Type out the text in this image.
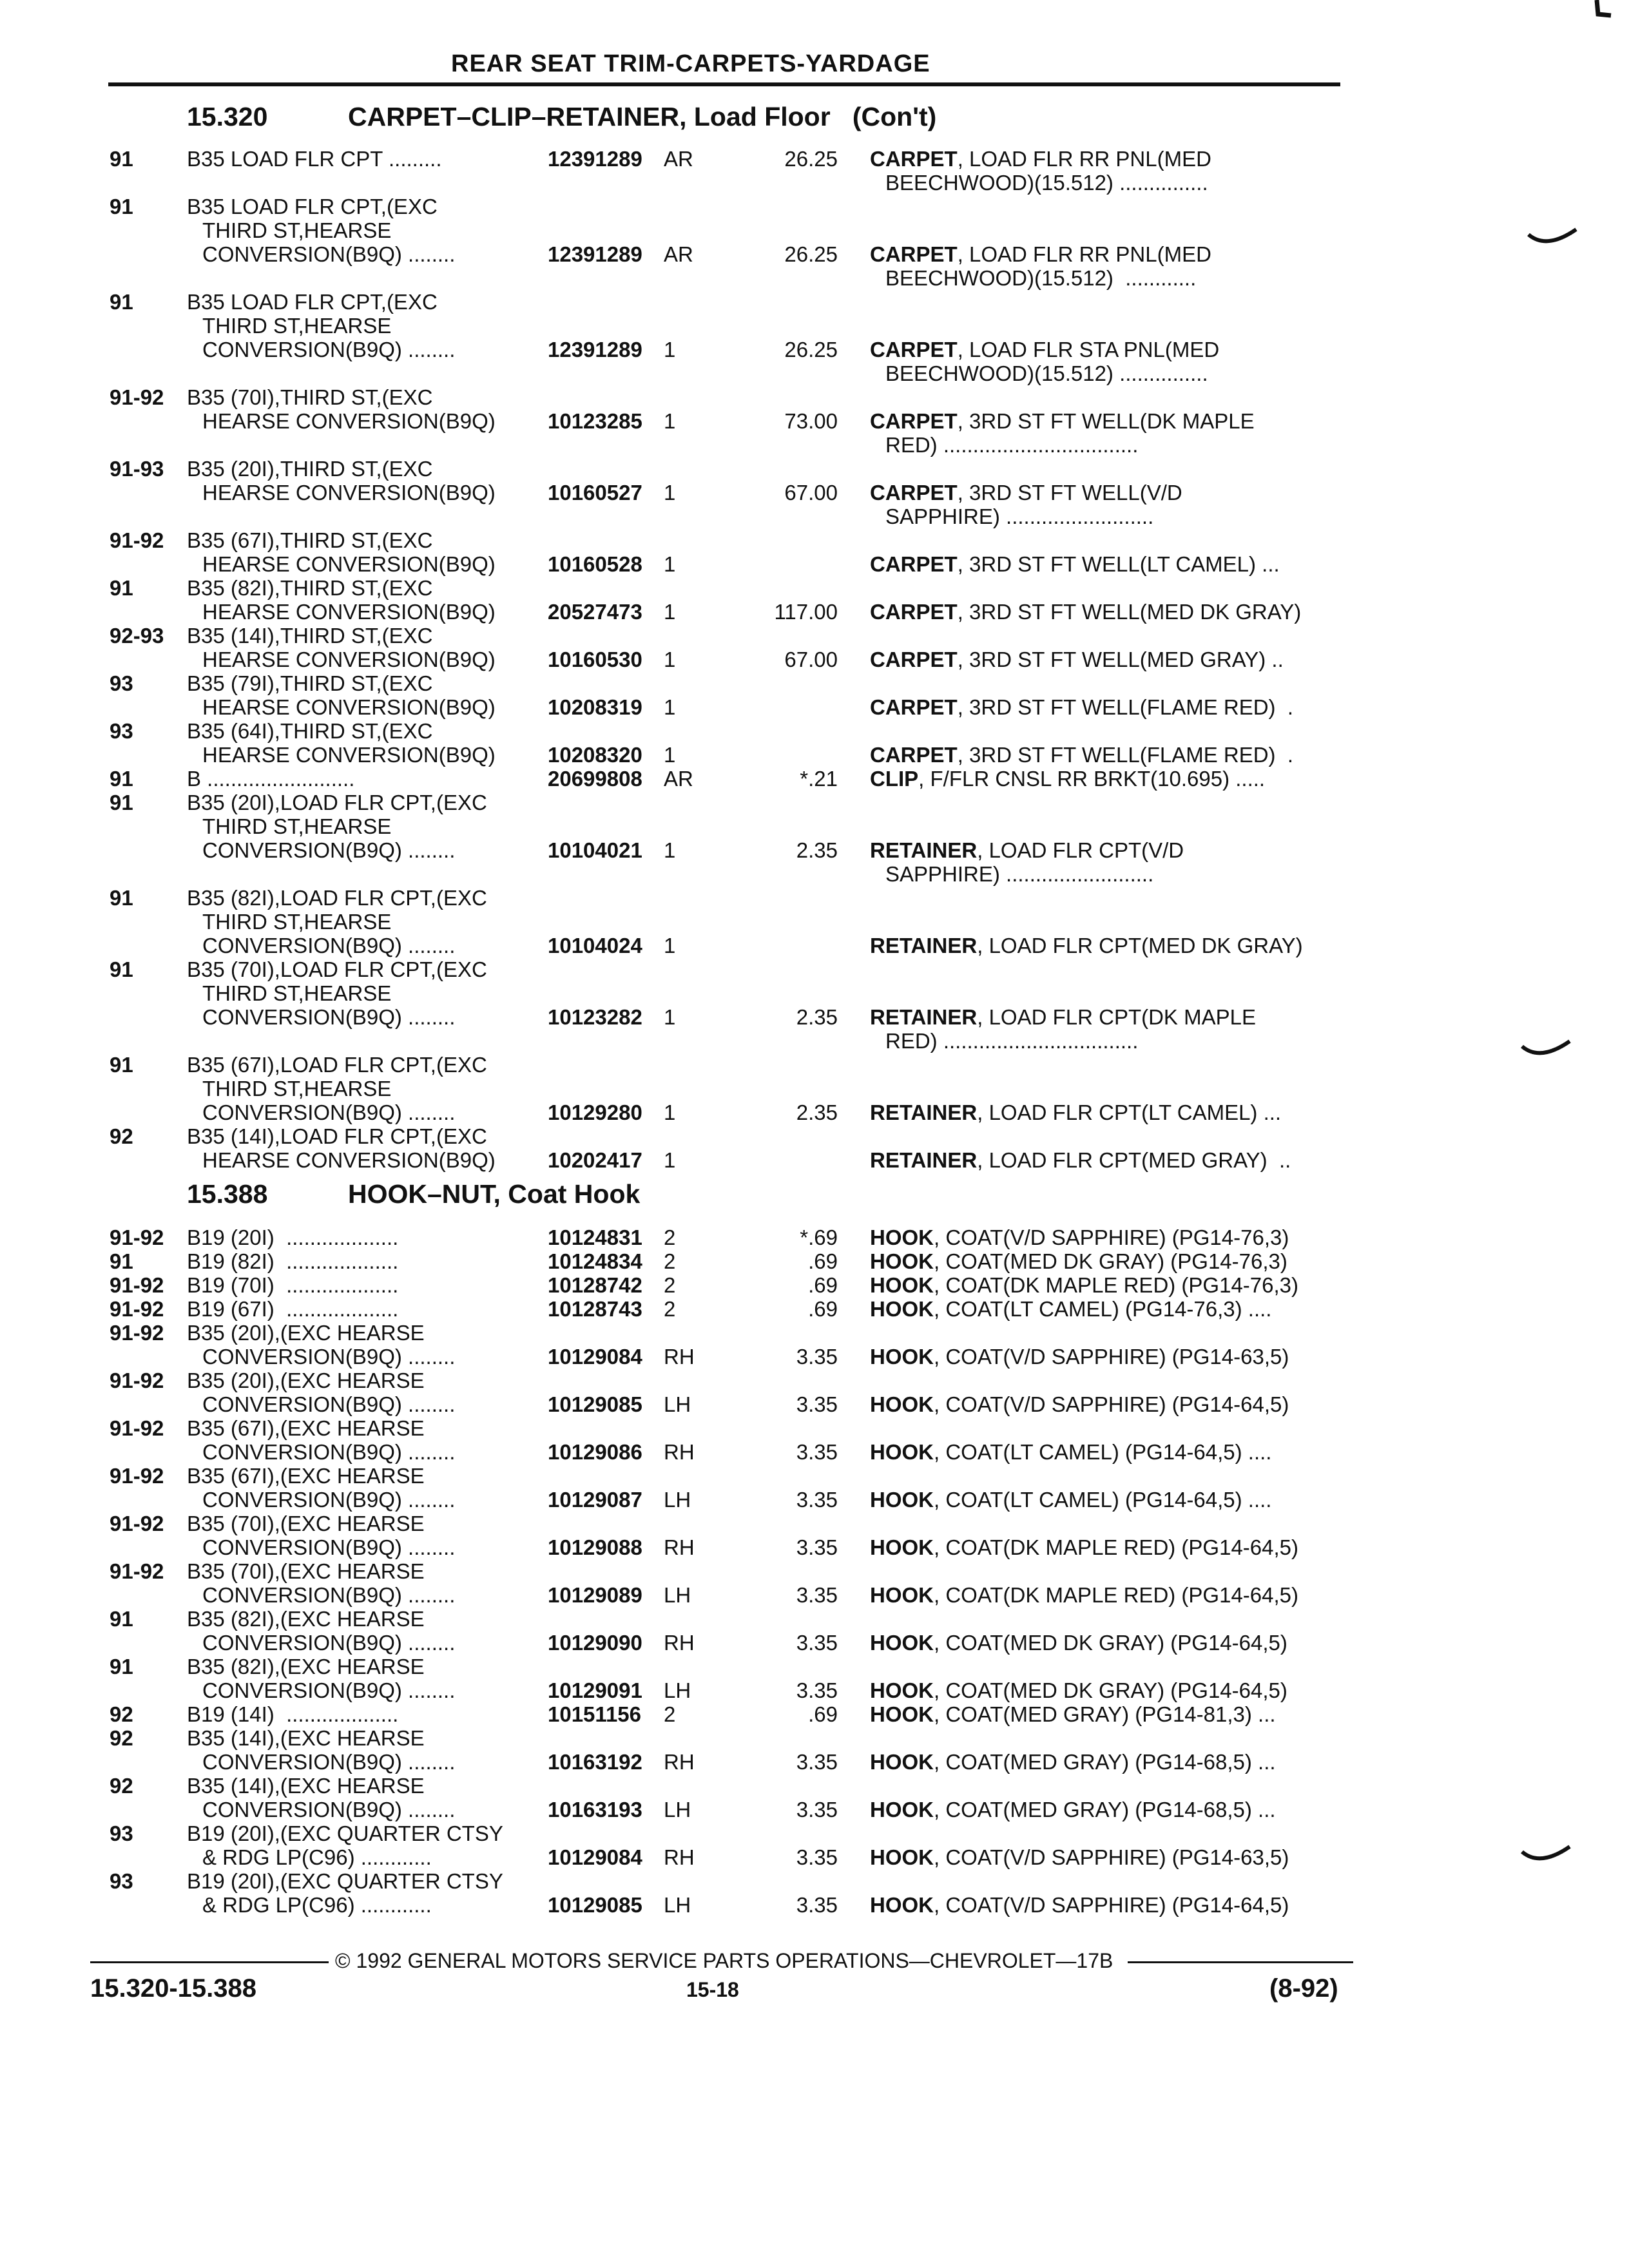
REAR SEAT TRIM-CARPETS-YARDAGE
15.320	CARPET–CLIP–RETAINER, Load Floor (Con't)
15.388	HOOK–NUT, Coat Hook
91	B35 LOAD FLR CPT .........	12391289 AR	26.25 CARPET, LOAD FLR RR PNL(MED
BEECHWOOD)(15.512) ...............
91	B35 LOAD FLR CPT,(EXC
THIRD ST,HEARSE
CONVERSION(B9Q) ........	12391289 AR	26.25 CARPET, LOAD FLR RR PNL(MED
BEECHWOOD)(15.512)  ............
91	B35 LOAD FLR CPT,(EXC
THIRD ST,HEARSE
CONVERSION(B9Q) ........	12391289 1	26.25 CARPET, LOAD FLR STA PNL(MED
BEECHWOOD)(15.512) ...............
91-92 B35 (70I),THIRD ST,(EXC
HEARSE CONVERSION(B9Q) 10123285 1	73.00 CARPET, 3RD ST FT WELL(DK MAPLE
RED) .................................
91-93 B35 (20I),THIRD ST,(EXC
HEARSE CONVERSION(B9Q) 10160527 1	67.00 CARPET, 3RD ST FT WELL(V/D
SAPPHIRE) .........................
91-92 B35 (67I),THIRD ST,(EXC
HEARSE CONVERSION(B9Q) 10160528 1	CARPET, 3RD ST FT WELL(LT CAMEL) ...
91	B35 (82I),THIRD ST,(EXC
HEARSE CONVERSION(B9Q) 20527473 1	117.00 CARPET, 3RD ST FT WELL(MED DK GRAY)
92-93 B35 (14I),THIRD ST,(EXC
HEARSE CONVERSION(B9Q) 10160530 1	67.00 CARPET, 3RD ST FT WELL(MED GRAY) ..
93	B35 (79I),THIRD ST,(EXC
HEARSE CONVERSION(B9Q) 10208319 1	CARPET, 3RD ST FT WELL(FLAME RED)  .
93	B35 (64I),THIRD ST,(EXC
HEARSE CONVERSION(B9Q) 10208320 1	CARPET, 3RD ST FT WELL(FLAME RED)  .
91	B .........................	20699808 AR	*.21 CLIP, F/FLR CNSL RR BRKT(10.695) .....
91	B35 (20I),LOAD FLR CPT,(EXC
THIRD ST,HEARSE
CONVERSION(B9Q) ........	10104021 1	2.35 RETAINER, LOAD FLR CPT(V/D
SAPPHIRE) .........................
91	B35 (82I),LOAD FLR CPT,(EXC
THIRD ST,HEARSE
CONVERSION(B9Q) ........	10104024 1	RETAINER, LOAD FLR CPT(MED DK GRAY)
91	B35 (70I),LOAD FLR CPT,(EXC
THIRD ST,HEARSE
CONVERSION(B9Q) ........	10123282 1	2.35 RETAINER, LOAD FLR CPT(DK MAPLE
RED) .................................
91	B35 (67I),LOAD FLR CPT,(EXC
THIRD ST,HEARSE
CONVERSION(B9Q) ........	10129280 1	2.35 RETAINER, LOAD FLR CPT(LT CAMEL) ...
92	B35 (14I),LOAD FLR CPT,(EXC
HEARSE CONVERSION(B9Q) 10202417 1	RETAINER, LOAD FLR CPT(MED GRAY)  ..
91-92 B19 (20I)  ...................	10124831 2	*.69 HOOK, COAT(V/D SAPPHIRE) (PG14-76,3)
91	B19 (82I)  ...................	10124834 2	.69 HOOK, COAT(MED DK GRAY) (PG14-76,3)
91-92 B19 (70I)  ...................	10128742 2	.69 HOOK, COAT(DK MAPLE RED) (PG14-76,3)
91-92 B19 (67I)  ...................	10128743 2	.69 HOOK, COAT(LT CAMEL) (PG14-76,3) ....
91-92 B35 (20I),(EXC HEARSE
CONVERSION(B9Q) ........	10129084 RH	3.35 HOOK, COAT(V/D SAPPHIRE) (PG14-63,5)
91-92 B35 (20I),(EXC HEARSE
CONVERSION(B9Q) ........	10129085 LH	3.35 HOOK, COAT(V/D SAPPHIRE) (PG14-64,5)
91-92 B35 (67I),(EXC HEARSE
CONVERSION(B9Q) ........	10129086 RH	3.35 HOOK, COAT(LT CAMEL) (PG14-64,5) ....
91-92 B35 (67I),(EXC HEARSE
CONVERSION(B9Q) ........	10129087 LH	3.35 HOOK, COAT(LT CAMEL) (PG14-64,5) ....
91-92 B35 (70I),(EXC HEARSE
CONVERSION(B9Q) ........	10129088 RH	3.35 HOOK, COAT(DK MAPLE RED) (PG14-64,5)
91-92 B35 (70I),(EXC HEARSE
CONVERSION(B9Q) ........	10129089 LH	3.35 HOOK, COAT(DK MAPLE RED) (PG14-64,5)
91	B35 (82I),(EXC HEARSE
CONVERSION(B9Q) ........	10129090 RH	3.35 HOOK, COAT(MED DK GRAY) (PG14-64,5)
91	B35 (82I),(EXC HEARSE
CONVERSION(B9Q) ........	10129091 LH	3.35 HOOK, COAT(MED DK GRAY) (PG14-64,5)
92	B19 (14I)  ...................	10151156 2	.69 HOOK, COAT(MED GRAY) (PG14-81,3) ...
92	B35 (14I),(EXC HEARSE
CONVERSION(B9Q) ........	10163192 RH	3.35 HOOK, COAT(MED GRAY) (PG14-68,5) ...
92	B35 (14I),(EXC HEARSE
CONVERSION(B9Q) ........	10163193 LH	3.35 HOOK, COAT(MED GRAY) (PG14-68,5) ...
93	B19 (20I),(EXC QUARTER CTSY
& RDG LP(C96) ............	10129084 RH	3.35 HOOK, COAT(V/D SAPPHIRE) (PG14-63,5)
93	B19 (20I),(EXC QUARTER CTSY
& RDG LP(C96) ............	10129085 LH	3.35 HOOK, COAT(V/D SAPPHIRE) (PG14-64,5)
© 1992 GENERAL MOTORS SERVICE PARTS OPERATIONS—CHEVROLET—17B
15.320-15.388	15-18	(8-92)
